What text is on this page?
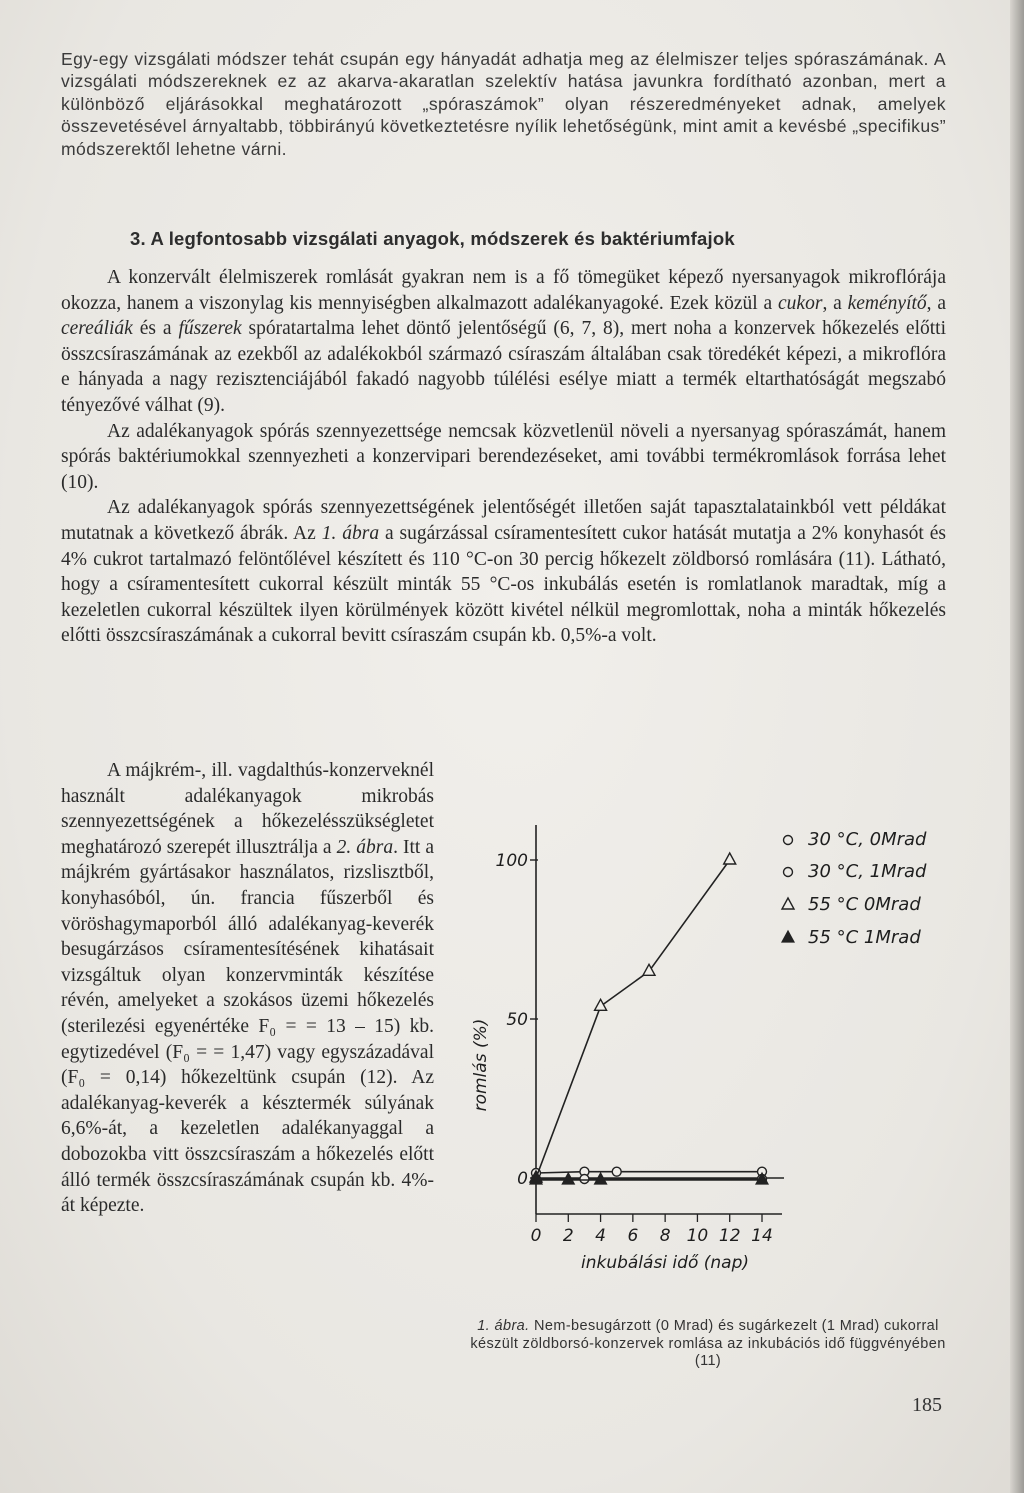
Egy-egy vizsgálati módszer tehát csupán egy hányadát adhatja meg az élelmiszer teljes spóraszámának. A vizsgálati módszereknek ez az akarva-akaratlan szelektív hatása javunkra fordítható azonban, mert a különböző eljárásokkal meghatározott „spóraszámok” olyan részeredményeket adnak, amelyek összevetésével árnyaltabb, többirányú következtetésre nyílik lehetőségünk, mint amit a kevésbé „specifikus” módszerektől lehetne várni.

3. A legfontosabb vizsgálati anyagok, módszerek és baktériumfajok

A konzervált élelmiszerek romlását gyakran nem is a fő tömegüket képező nyersanyagok mikroflórája okozza, hanem a viszonylag kis mennyiségben alkalmazott adalékanyagoké. Ezek közül a cukor, a keményítő, a cereáliák és a fűszerek spóratartalma lehet döntő jelentőségű (6, 7, 8), mert noha a konzervek hőkezelés előtti összcsíraszámának az ezekből az adalékokból származó csíraszám általában csak töredékét képezi, a mikroflóra e hányada a nagy rezisztenciájából fakadó nagyobb túlélési esélye miatt a termék eltarthatóságát megszabó tényezővé válhat (9).

Az adalékanyagok spórás szennyezettsége nemcsak közvetlenül növeli a nyersanyag spóraszámát, hanem spórás baktériumokkal szennyezheti a konzervipari berendezéseket, ami további termékromlások forrása lehet (10).

Az adalékanyagok spórás szennyezettségének jelentőségét illetően saját tapasztalatainkból vett példákat mutatnak a következő ábrák. Az 1. ábra a sugárzással csíramentesített cukor hatását mutatja a 2% konyhasót és 4% cukrot tartalmazó felöntőlével készített és 110 °C-on 30 percig hőkezelt zöldborsó romlására (11). Látható, hogy a csíramentesített cukorral készült minták 55 °C-os inkubálás esetén is romlatlanok maradtak, míg a kezeletlen cukorral készültek ilyen körülmények között kivétel nélkül megromlottak, noha a minták hőkezelés előtti összcsíraszámának a cukorral bevitt csíraszám csupán kb. 0,5%-a volt.

A májkrém-, ill. vagdalthús-konzerveknél használt adalékanyagok mikrobás szennyezettségének a hőkezelésszükségletet meghatározó szerepét illusztrálja a 2. ábra. Itt a májkrém gyártásakor használatos, rizslisztből, konyhasóból, ún. francia fűszerből és vöröshagymaporból álló adalékanyag-keverék besugárzásos csíramentesítésének kihatásait vizsgáltuk olyan konzervminták készítése révén, amelyeket a szokásos üzemi hőkezelés (sterilezési egyenértéke F₀ = = 13 – 15) kb. egytizedével (F₀ = = 1,47) vagy egyszázadával (F₀ = 0,14) hőkezeltünk csupán (12). Az adalékanyag-keverék a késztermék súlyának 6,6%-át, a kezeletlen adalékanyaggal a dobozokba vitt összcsíraszám a hőkezelés előtt álló termék összcsíraszámának csupán kb. 4%-át képezte.

0
50
100
0 2 4 6 8 10 12 14
30 °C, 0Mrad
30 °C, 1Mrad
55 °C 0Mrad
55 °C 1Mrad
inkubálási idő (nap)
romlás (%)
1. ábra. Nem-besugárzott (0 Mrad) és sugárkezelt (1 Mrad) cukorral készült zöldborsó-konzervek romlása az inkubációs idő függvényében (11)
185
